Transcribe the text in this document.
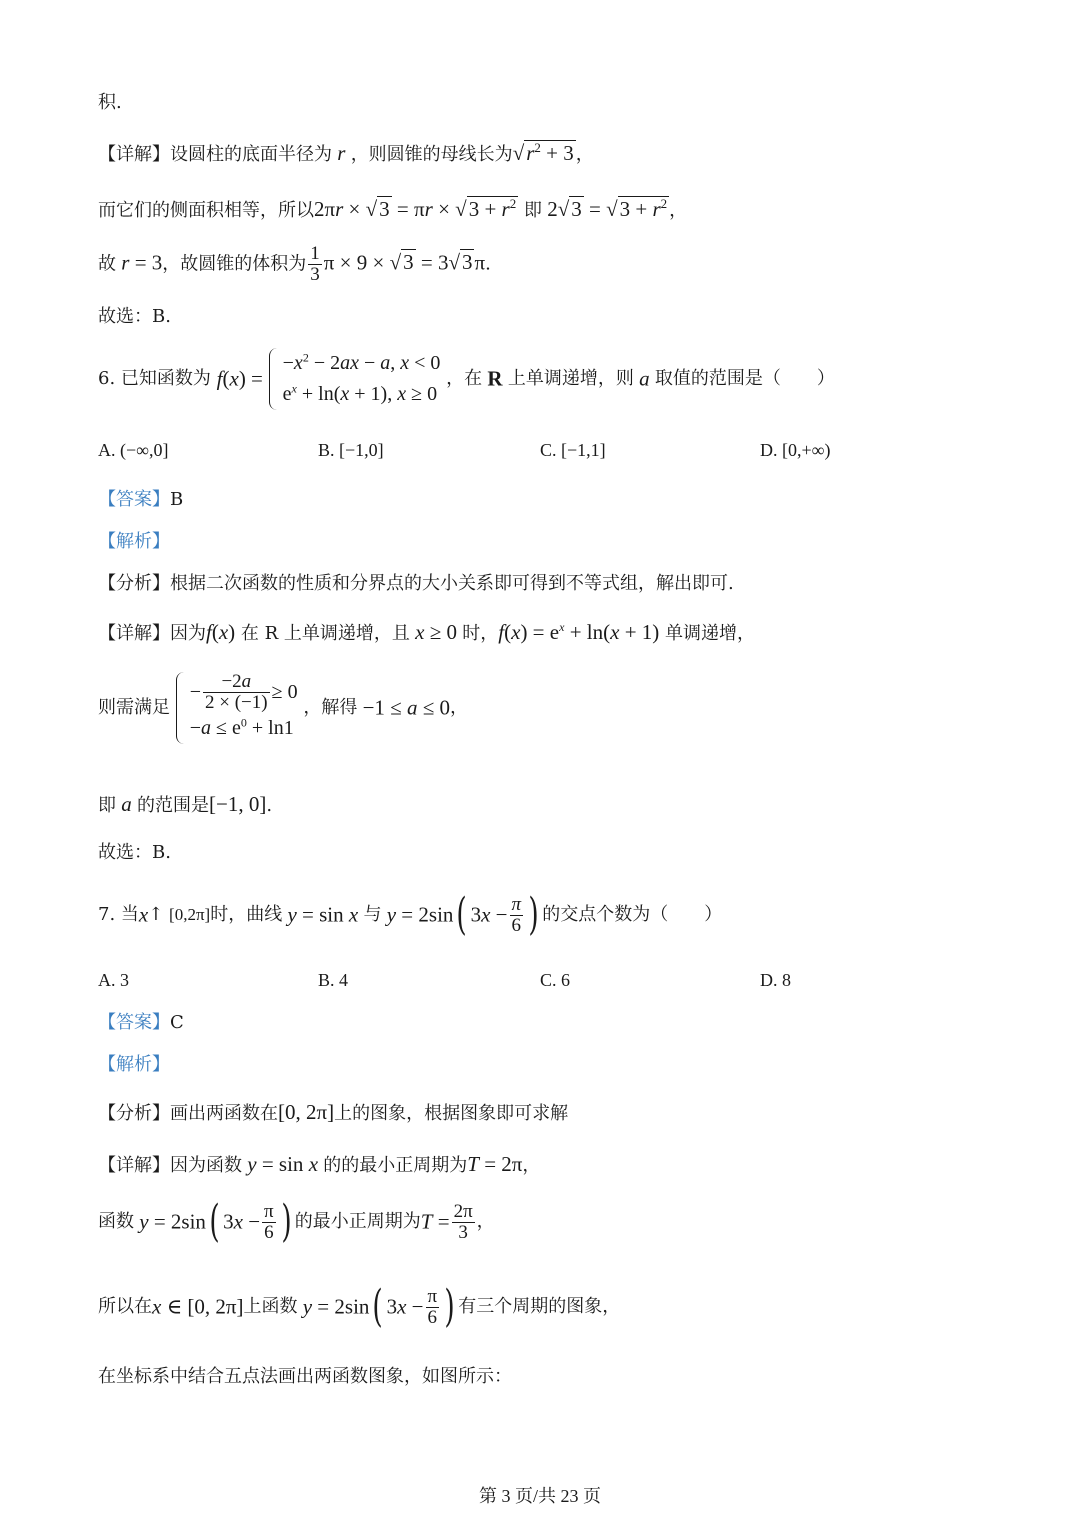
积.
【详解】设圆柱的底面半径为 r ，则圆锥的母线长为$√r^2 + 3$ ，
而它们的侧面积相等，所以$2\pi r \times √3 = \pi r \times √3 + r^2$ 即 $2√3 = √3 + r^2$ ，
故 r = 3，故圆锥的体积为 $\frac{1}{3}$ π × 9 × √3 = 3√3π.
故选：B.
6. 已知函数为 f(x) =
$-x^2 - 2ax - a$, x < 0
$e^x + \ln(x + 1)$, x ≥ 0
，在 R 上单调递增，则 a 取值的范围是（　　）
A. (−∞,0]	B. [−1,0]	C. [−1,1]	D. [0,+∞)
【答案】B
【解析】
【分析】根据二次函数的性质和分界点的大小关系即可得到不等式组，解出即可.
【详解】因为f(x) 在 R 上单调递增，且 x ≥ 0 时，$f(x) = e^x + \ln(x + 1)$ 单调递增，
则需满足
− $\frac{-2a}{2 \times (-1)} \ge 0$
$-a \le e^0 + \ln 1$
，解得 −1 ≤ a ≤ 0，
即 a 的范围是[−1, 0].
故选：B.
7. 当x↑ [0,2π]时，曲线 y = sin x 与 y = 2sin( $3x - \frac{\pi}{6}$ ) 的交点个数为（　　）
A. 3	B. 4	C. 6	D. 8
【答案】C
【解析】
【分析】画出两函数在[0, 2π]上的图象，根据图象即可求解
【详解】因为函数 y = sin x 的的最小正周期为T = 2π，
函数 y = 2sin( $3x - \frac{\pi}{6}$ ) 的最小正周期为$T = \frac{2\pi}{3}$ ，
所以在x ∈ [0, 2π]上函数 y = 2sin( $3x - \frac{\pi}{6}$ ) 有三个周期的图象，
在坐标系中结合五点法画出两函数图象，如图所示：
第 3 页/共 23 页
